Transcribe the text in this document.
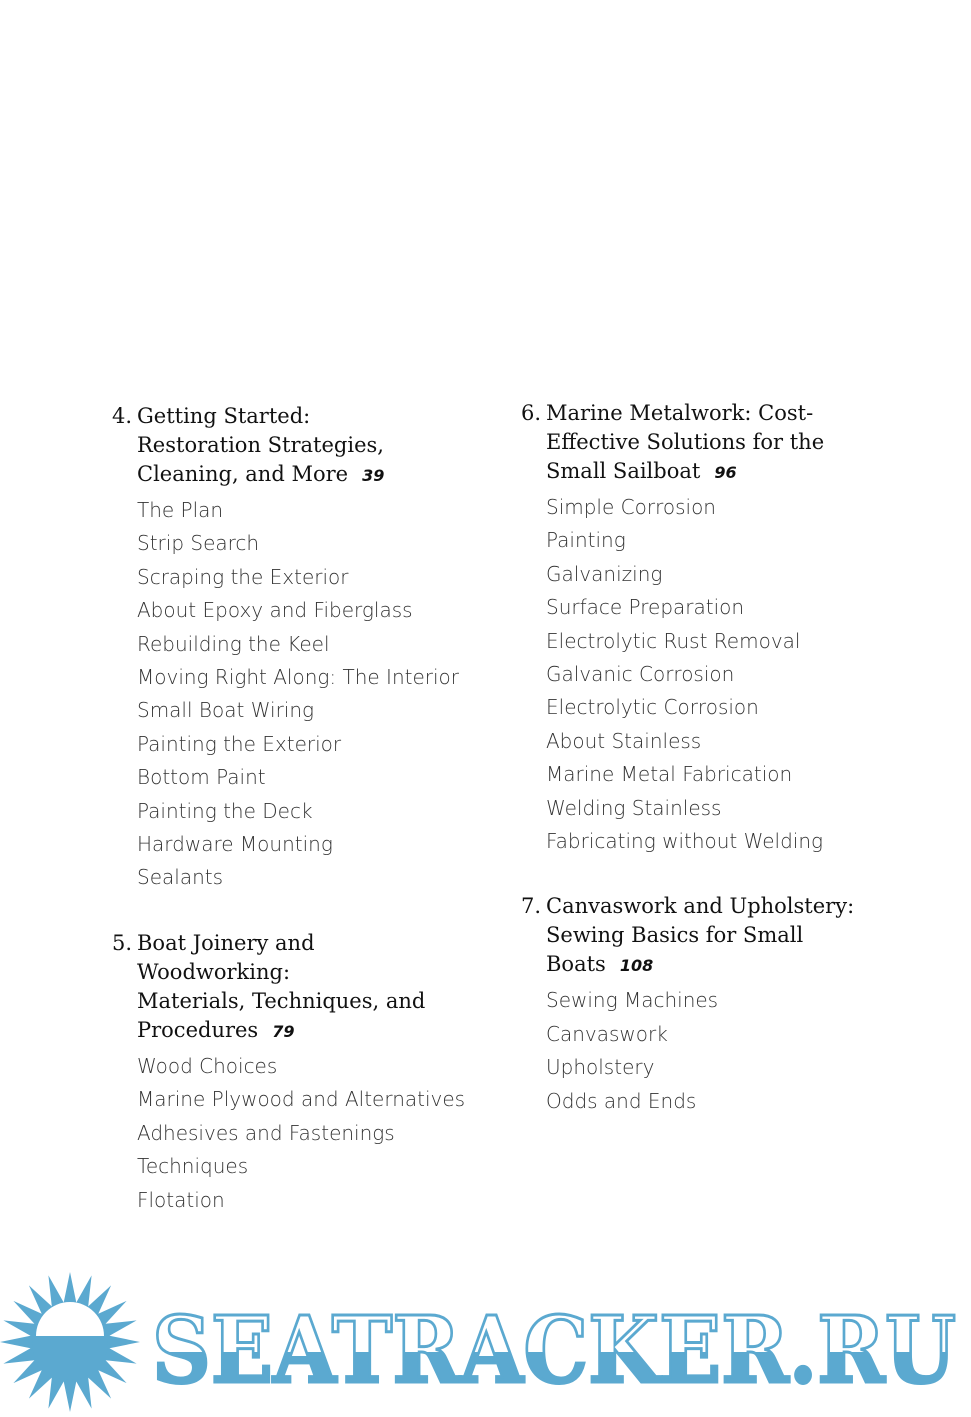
4. Getting Started:
Restoration Strategies,
Cleaning, and More 39
The Plan
Strip Search
Scraping the Exterior
About Epoxy and Fiberglass
Rebuilding the Keel
Moving Right Along: The Interior
Small Boat Wiring
Painting the Exterior
Bottom Paint
Painting the Deck
Hardware Mounting
Sealants
5. Boat Joinery and Woodworking:
Materials, Techniques, and
Procedures 79
Wood Choices
Marine Plywood and Alternatives
Adhesives and Fastenings
Techniques
Flotation
6. Marine Metalwork: Cost-
Effective Solutions for the
Small Sailboat 96
Simple Corrosion
Painting
Galvanizing
Surface Preparation
Electrolytic Rust Removal
Galvanic Corrosion
Electrolytic Corrosion
About Stainless
Marine Metal Fabrication
Welding Stainless
Fabricating without Welding
7. Canvaswork and Upholstery:
Sewing Basics for Small
Boats 108
Sewing Machines
Canvaswork
Upholstery
Odds and Ends
SEATRACKER.RU
